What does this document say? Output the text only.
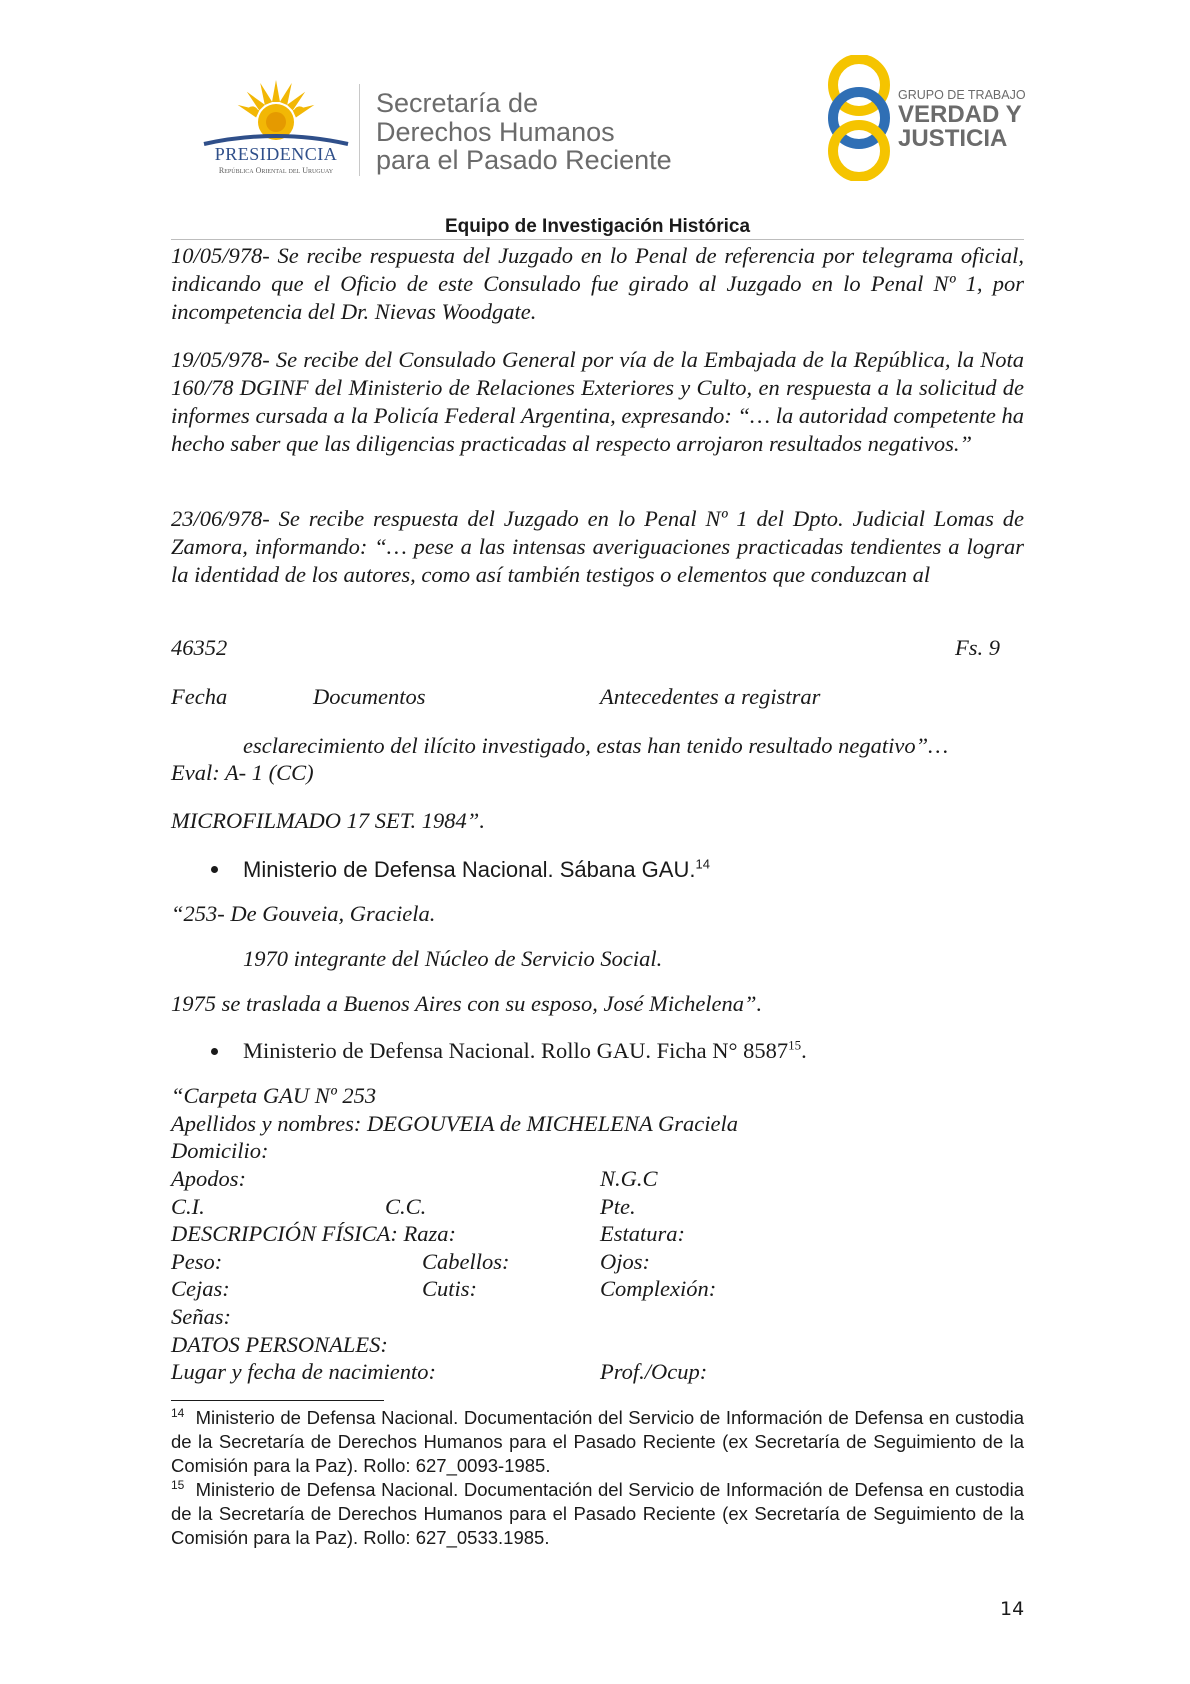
PRESIDENCIA
República Oriental del Uruguay
Secretaría de
Derechos Humanos
para el Pasado Reciente
GRUPO DE TRABAJO
VERDAD Y
JUSTICIA
Equipo de Investigación Histórica
10/05/978- Se recibe respuesta del Juzgado en lo Penal de referencia por telegrama oficial, indicando que el Oficio de este Consulado fue girado al Juzgado en lo Penal Nº 1, por incompetencia del Dr. Nievas Woodgate.
19/05/978- Se recibe del Consulado General por vía de la Embajada de la República, la Nota 160/78 DGINF del Ministerio de Relaciones Exteriores y Culto, en respuesta a la solicitud de informes cursada a la Policía Federal Argentina, expresando: “… la autoridad competente ha hecho saber que las diligencias practicadas al respecto arrojaron resultados negativos.”
23/06/978- Se recibe respuesta del Juzgado en lo Penal Nº 1 del Dpto. Judicial Lomas de Zamora, informando: “… pese a las intensas averiguaciones practicadas tendientes a lograr la identidad de los autores, como así también testigos o elementos que conduzcan al
46352	Fs. 9
Fecha	Documentos	Antecedentes a registrar
esclarecimiento del ilícito investigado, estas han tenido resultado negativo”…
Eval: A- 1 (CC)
MICROFILMADO 17 SET. 1984”.
Ministerio de Defensa Nacional. Sábana GAU.$^{14}$
“253- De Gouveia, Graciela.
1970 integrante del Núcleo de Servicio Social.
1975 se traslada a Buenos Aires con su esposo, José Michelena”.
Ministerio de Defensa Nacional. Rollo GAU. Ficha N° 8587$^{15}$.
“Carpeta GAU Nº 253
Apellidos y nombres: DEGOUVEIA de MICHELENA Graciela
Domicilio:
Apodos:	N.G.C
C.I.	C.C.	Pte.
DESCRIPCIÓN FÍSICA: Raza:	Estatura:
Peso:	Cabellos:	Ojos:
Cejas:	Cutis:	Complexión:
Señas:
DATOS PERSONALES:
Lugar y fecha de nacimiento:	Prof./Ocup:
$^{14}$ Ministerio de Defensa Nacional. Documentación del Servicio de Información de Defensa en custodia de la Secretaría de Derechos Humanos para el Pasado Reciente (ex Secretaría de Seguimiento de la Comisión para la Paz). Rollo: 627_0093-1985.
$^{15}$ Ministerio de Defensa Nacional. Documentación del Servicio de Información de Defensa en custodia de la Secretaría de Derechos Humanos para el Pasado Reciente (ex Secretaría de Seguimiento de la Comisión para la Paz). Rollo: 627_0533.1985.
14
